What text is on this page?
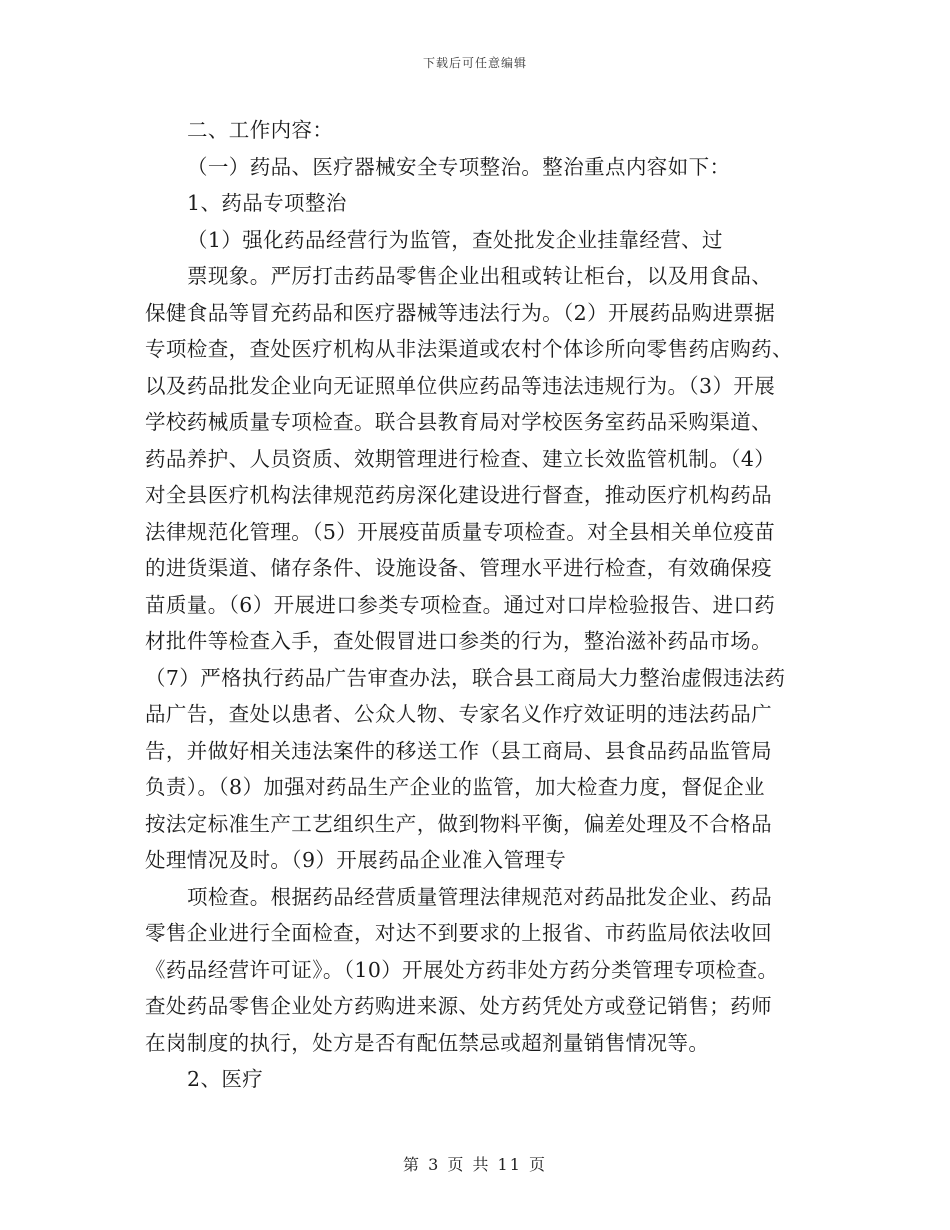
下载后可任意编辑
二、工作内容：
（一）药品、医疗器械安全专项整治。整治重点内容如下：
1、药品专项整治
（1）强化药品经营行为监管，查处批发企业挂靠经营、过
票现象。严厉打击药品零售企业出租或转让柜台，以及用食品、
保健食品等冒充药品和医疗器械等违法行为。（2）开展药品购进票据
专项检查，查处医疗机构从非法渠道或农村个体诊所向零售药店购药、
以及药品批发企业向无证照单位供应药品等违法违规行为。（3）开展
学校药械质量专项检查。联合县教育局对学校医务室药品采购渠道、
药品养护、人员资质、效期管理进行检查、建立长效监管机制。（4）
对全县医疗机构法律规范药房深化建设进行督查，推动医疗机构药品
法律规范化管理。（5）开展疫苗质量专项检查。对全县相关单位疫苗
的进货渠道、储存条件、设施设备、管理水平进行检查，有效确保疫
苗质量。（6）开展进口参类专项检查。通过对口岸检验报告、进口药
材批件等检查入手，查处假冒进口参类的行为，整治滋补药品市场。
（7）严格执行药品广告审查办法，联合县工商局大力整治虚假违法药
品广告，查处以患者、公众人物、专家名义作疗效证明的违法药品广
告，并做好相关违法案件的移送工作（县工商局、县食品药品监管局
负责）。（8）加强对药品生产企业的监管，加大检查力度，督促企业
按法定标准生产工艺组织生产，做到物料平衡，偏差处理及不合格品
处理情况及时。（9）开展药品企业准入管理专
项检查。根据药品经营质量管理法律规范对药品批发企业、药品
零售企业进行全面检查，对达不到要求的上报省、市药监局依法收回
《药品经营许可证》。（10）开展处方药非处方药分类管理专项检查。
查处药品零售企业处方药购进来源、处方药凭处方或登记销售；药师
在岗制度的执行，处方是否有配伍禁忌或超剂量销售情况等。
2、医疗
第 3 页 共 11 页
